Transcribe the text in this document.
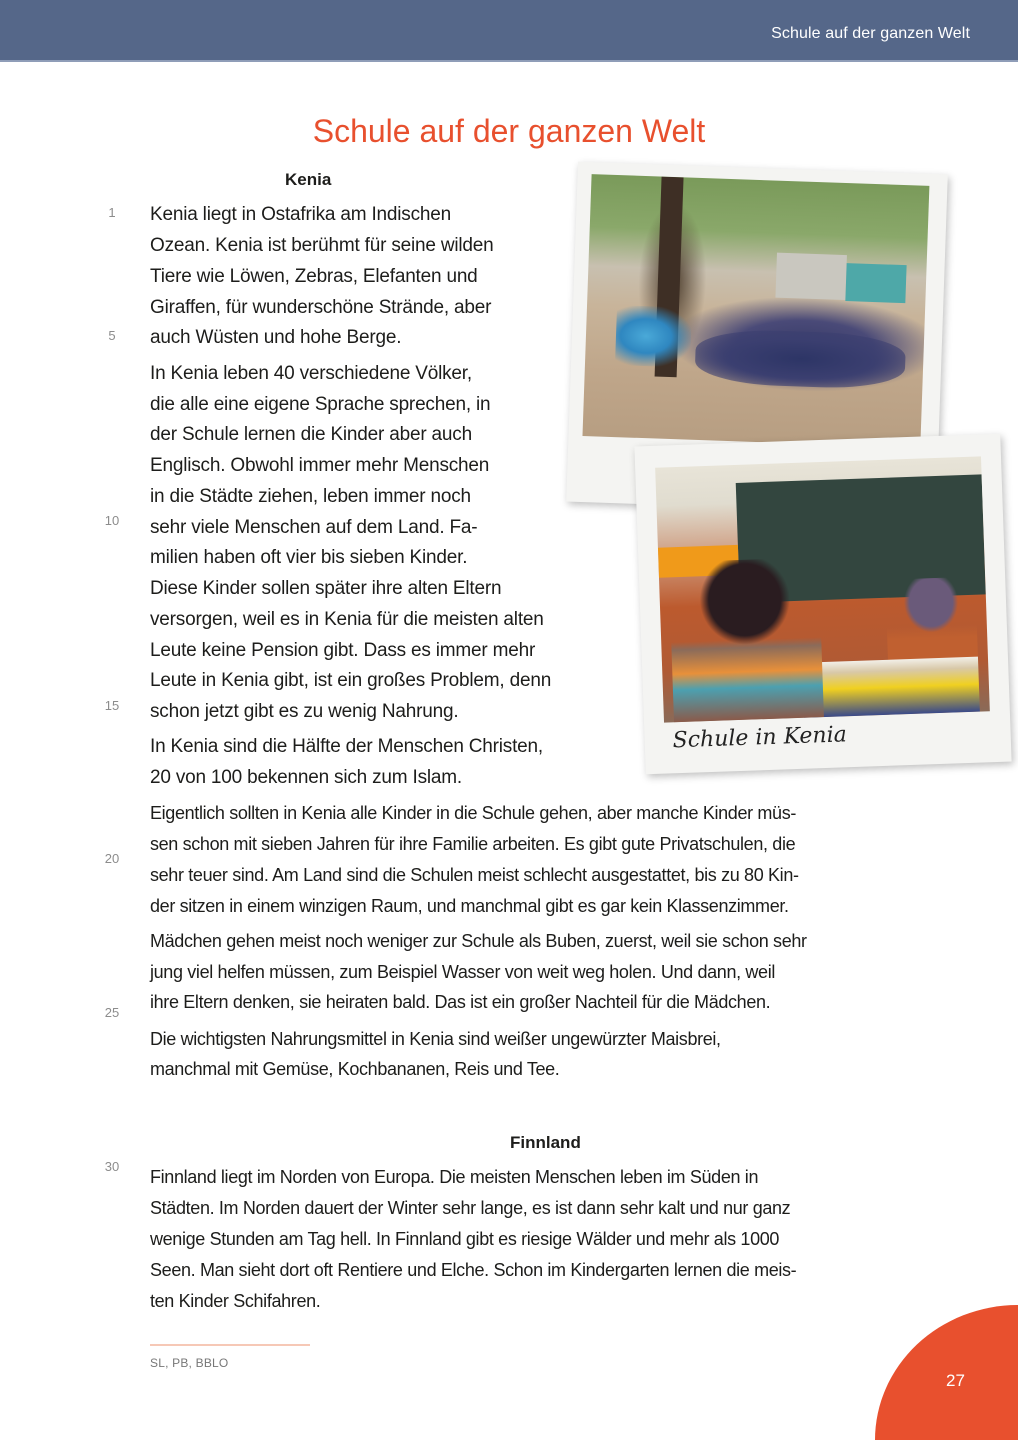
Schule auf der ganzen Welt
Schule auf der ganzen Welt
Kenia
Schule in Kenia
1
5
10
15
20
25
30
Kenia liegt in Ostafrika am Indischen
Ozean. Kenia ist berühmt für seine wilden
Tiere wie Löwen, Zebras, Elefanten und
Giraffen, für wunderschöne Strände, aber
auch Wüsten und hohe Berge.
In Kenia leben 40 verschiedene Völker,
die alle eine eigene Sprache sprechen, in
der Schule lernen die Kinder aber auch
Englisch. Obwohl immer mehr Menschen
in die Städte ziehen, leben immer noch
sehr viele Menschen auf dem Land. Fa-
milien haben oft vier bis sieben Kinder.
Diese Kinder sollen später ihre alten Eltern
versorgen, weil es in Kenia für die meisten alten
Leute keine Pension gibt. Dass es immer mehr
Leute in Kenia gibt, ist ein großes Problem, denn
schon jetzt gibt es zu wenig Nahrung.
In Kenia sind die Hälfte der Menschen Christen,
20 von 100 bekennen sich zum Islam.
Eigentlich sollten in Kenia alle Kinder in die Schule gehen, aber manche Kinder müs-
sen schon mit sieben Jahren für ihre Familie arbeiten. Es gibt gute Privatschulen, die
sehr teuer sind. Am Land sind die Schulen meist schlecht ausgestattet, bis zu 80 Kin-
der sitzen in einem winzigen Raum, und manchmal gibt es gar kein Klassenzimmer.
Mädchen gehen meist noch weniger zur Schule als Buben, zuerst, weil sie schon sehr
jung viel helfen müssen, zum Beispiel Wasser von weit weg holen. Und dann, weil
ihre Eltern denken, sie heiraten bald. Das ist ein großer Nachteil für die Mädchen.
Die wichtigsten Nahrungsmittel in Kenia sind weißer ungewürzter Maisbrei,
manchmal mit Gemüse, Kochbananen, Reis und Tee.
Finnland
Finnland liegt im Norden von Europa. Die meisten Menschen leben im Süden in
Städten. Im Norden dauert der Winter sehr lange, es ist dann sehr kalt und nur ganz
wenige Stunden am Tag hell. In Finnland gibt es riesige Wälder und mehr als 1000
Seen. Man sieht dort oft Rentiere und Elche. Schon im Kindergarten lernen die meis-
ten Kinder Schifahren.
SL, PB, BBLO
27
